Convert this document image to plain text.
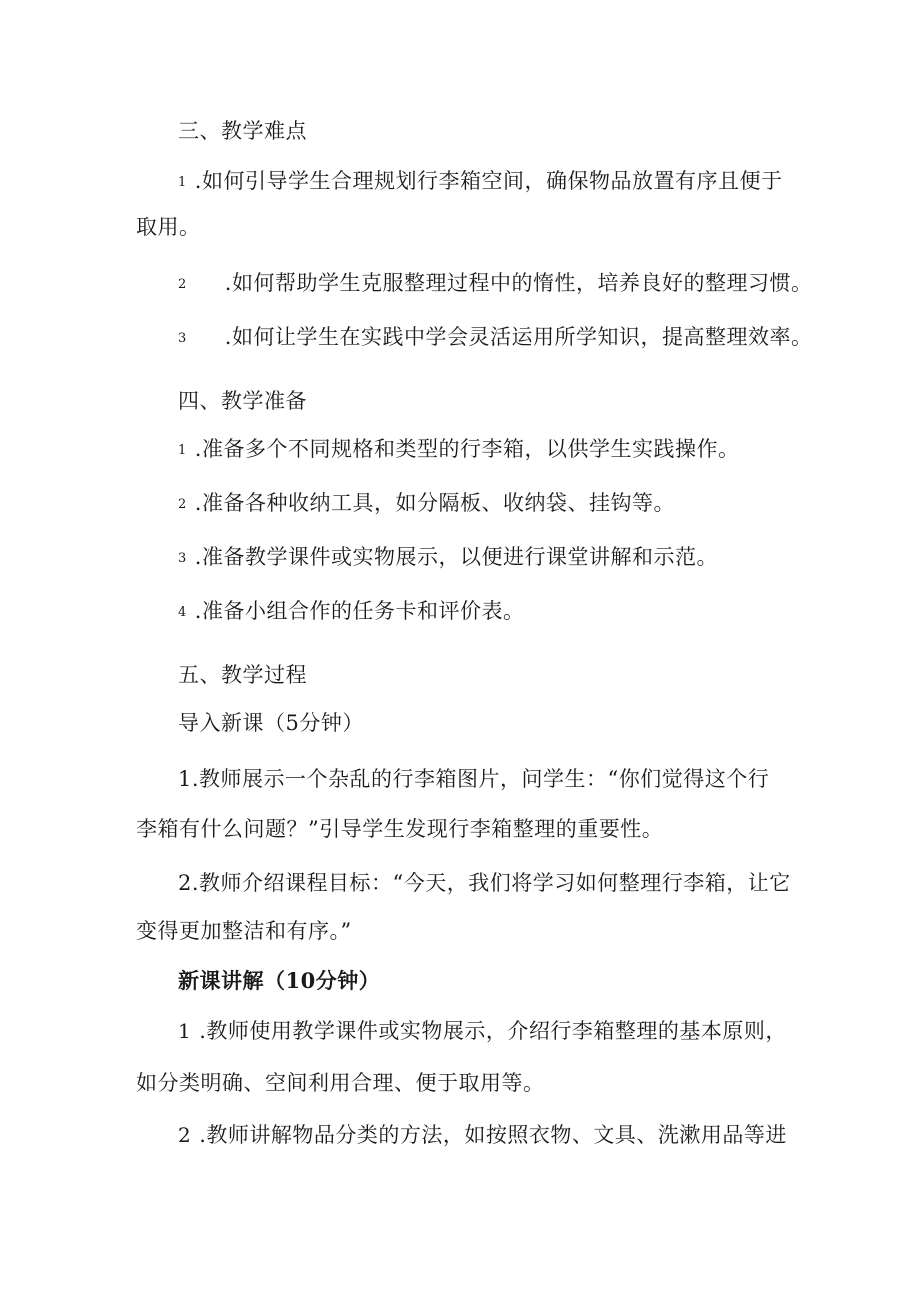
三、教学难点
1 .如何引导学生合理规划行李箱空间，确保物品放置有序且便于
取用。
2 .如何帮助学生克服整理过程中的惰性，培养良好的整理习惯。
3 .如何让学生在实践中学会灵活运用所学知识，提高整理效率。
四、教学准备
1 .准备多个不同规格和类型的行李箱，以供学生实践操作。
2 .准备各种收纳工具，如分隔板、收纳袋、挂钩等。
3 .准备教学课件或实物展示，以便进行课堂讲解和示范。
4 .准备小组合作的任务卡和评价表。
五、教学过程
导入新课（5分钟）
1.教师展示一个杂乱的行李箱图片，问学生：“你们觉得这个行
李箱有什么问题？”引导学生发现行李箱整理的重要性。
2.教师介绍课程目标：“今天，我们将学习如何整理行李箱，让它
变得更加整洁和有序。”
新课讲解（10分钟）
1 .教师使用教学课件或实物展示，介绍行李箱整理的基本原则，
如分类明确、空间利用合理、便于取用等。
2 .教师讲解物品分类的方法，如按照衣物、文具、洗漱用品等进
